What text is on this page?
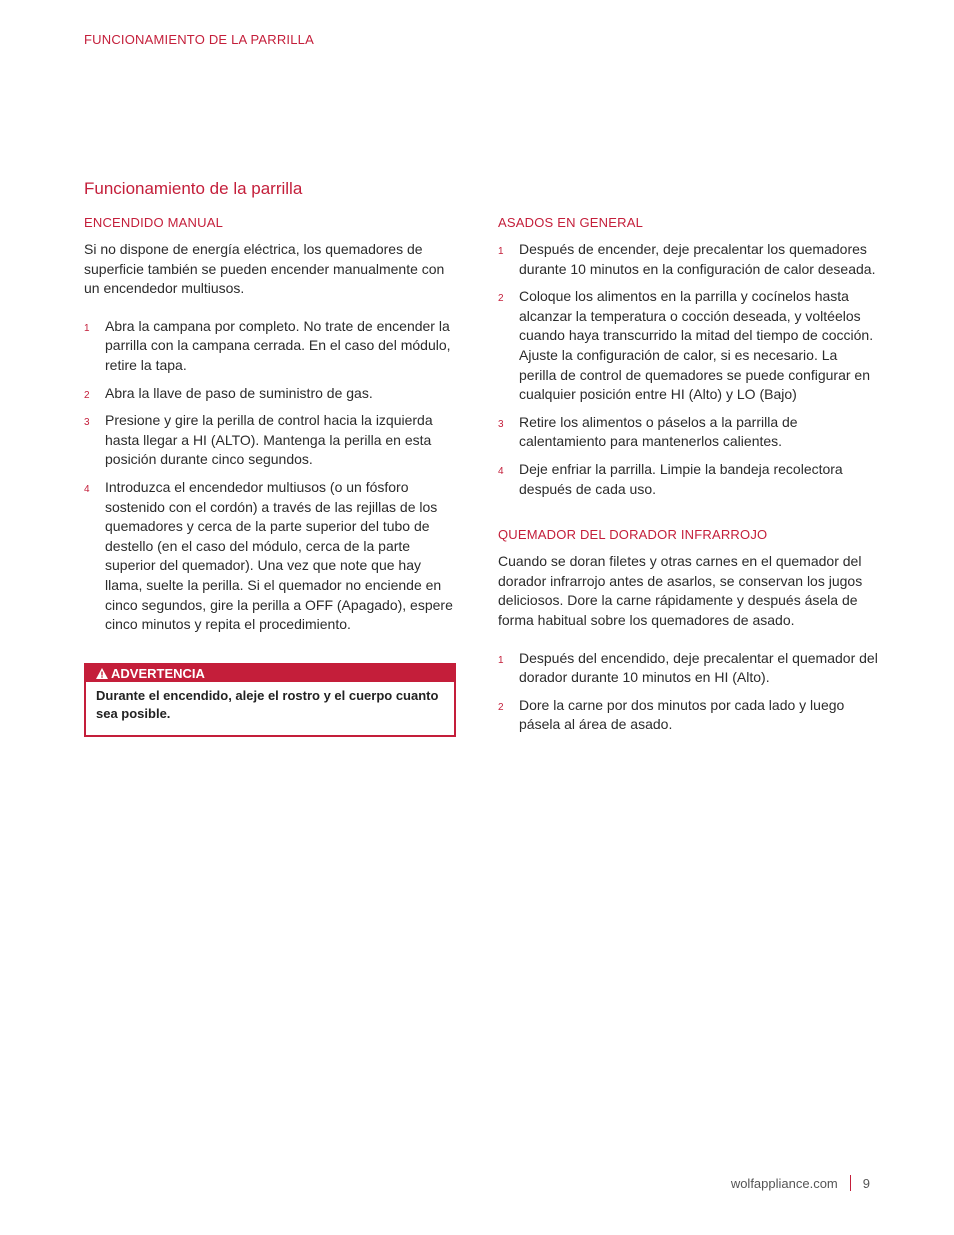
FUNCIONAMIENTO DE LA PARRILLA
Funcionamiento de la parrilla
ENCENDIDO MANUAL

Si no dispone de energía eléctrica, los quemadores de superficie también se pueden encender manualmente con un encendedor multiusos.

1 Abra la campana por completo. No trate de encender la parrilla con la campana cerrada. En el caso del módulo, retire la tapa.
2 Abra la llave de paso de suministro de gas.
3 Presione y gire la perilla de control hacia la izquierda hasta llegar a HI (ALTO). Mantenga la perilla en esta posición durante cinco segundos.
4 Introduzca el encendedor multiusos (o un fósforo sostenido con el cordón) a través de las rejillas de los quemadores y cerca de la parte superior del tubo de destello (en el caso del módulo, cerca de la parte superior del quemador). Una vez que note que hay llama, suelte la perilla. Si el quemador no enciende en cinco segundos, gire la perilla a OFF (Apagado), espere cinco minutos y repita el procedimiento.
ADVERTENCIA
Durante el encendido, aleje el rostro y el cuerpo cuanto sea posible.
ASADOS EN GENERAL
1 Después de encender, deje precalentar los quemadores durante 10 minutos en la configuración de calor deseada.
2 Coloque los alimentos en la parrilla y cocínelos hasta alcanzar la temperatura o cocción deseada, y voltéelos cuando haya transcurrido la mitad del tiempo de cocción. Ajuste la configuración de calor, si es necesario. La perilla de control de quemadores se puede configurar en cualquier posición entre HI (Alto) y LO (Bajo)
3 Retire los alimentos o páselos a la parrilla de calentamiento para mantenerlos calientes.
4 Deje enfriar la parrilla. Limpie la bandeja recolectora después de cada uso.
QUEMADOR DEL DORADOR INFRARROJO

Cuando se doran filetes y otras carnes en el quemador del dorador infrarrojo antes de asarlos, se conservan los jugos deliciosos. Dore la carne rápidamente y después ásela de forma habitual sobre los quemadores de asado.

1 Después del encendido, deje precalentar el quemador del dorador durante 10 minutos en HI (Alto).
2 Dore la carne por dos minutos por cada lado y luego pásela al área de asado.
wolfappliance.com 9
